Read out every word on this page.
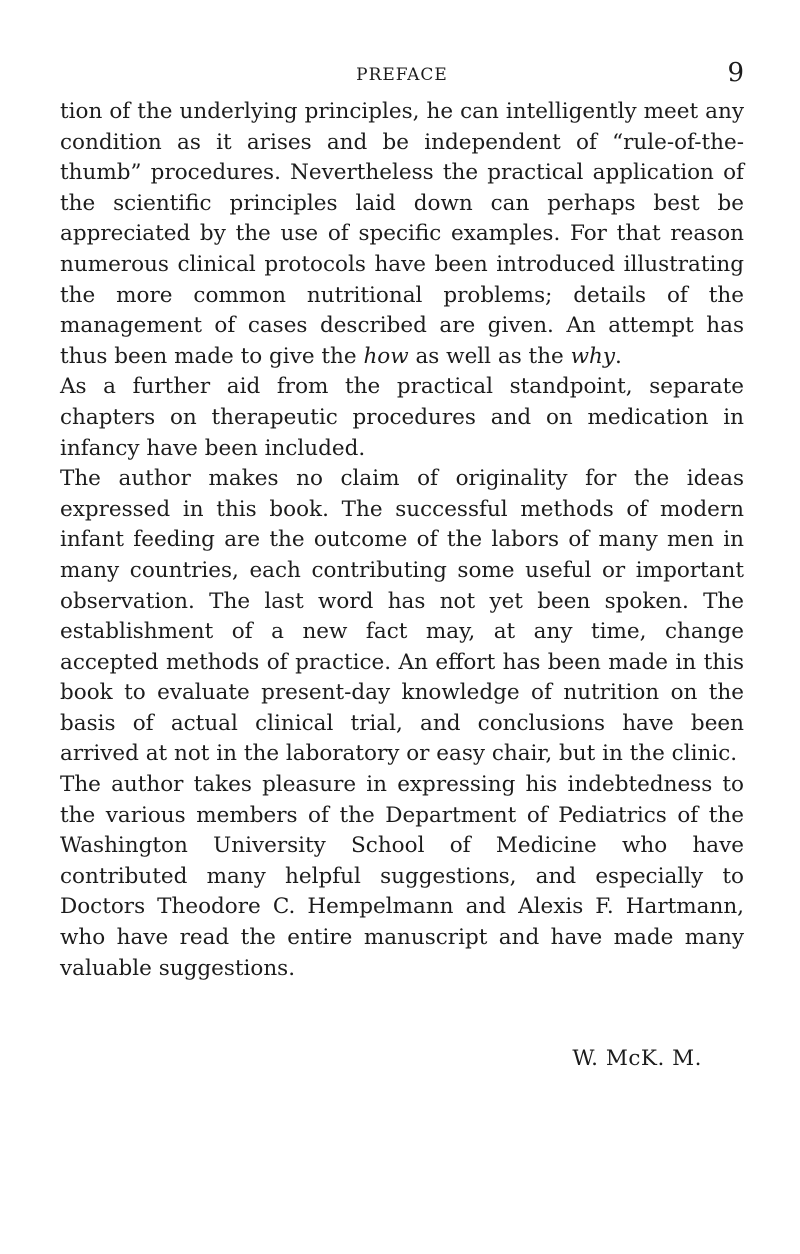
PREFACE	9

tion of the underlying principles, he can intelligently meet any condition as it arises and be independent of “rule-of-the-thumb” procedures. Nevertheless the practical application of the scientific principles laid down can perhaps best be appreciated by the use of specific examples. For that reason numerous clinical protocols have been introduced illustrating the more common nutritional problems; details of the management of cases described are given. An attempt has thus been made to give the how as well as the why.

As a further aid from the practical standpoint, separate chapters on therapeutic procedures and on medication in infancy have been included.

The author makes no claim of originality for the ideas expressed in this book. The successful methods of modern infant feeding are the outcome of the labors of many men in many countries, each contributing some useful or important observation. The last word has not yet been spoken. The establishment of a new fact may, at any time, change accepted methods of practice. An effort has been made in this book to evaluate present-day knowledge of nutrition on the basis of actual clinical trial, and conclusions have been arrived at not in the laboratory or easy chair, but in the clinic.

The author takes pleasure in expressing his indebtedness to the various members of the Department of Pediatrics of the Washington University School of Medicine who have contributed many helpful suggestions, and especially to Doctors Theodore C. Hempelmann and Alexis F. Hartmann, who have read the entire manuscript and have made many valuable suggestions.

W. McK. M.
